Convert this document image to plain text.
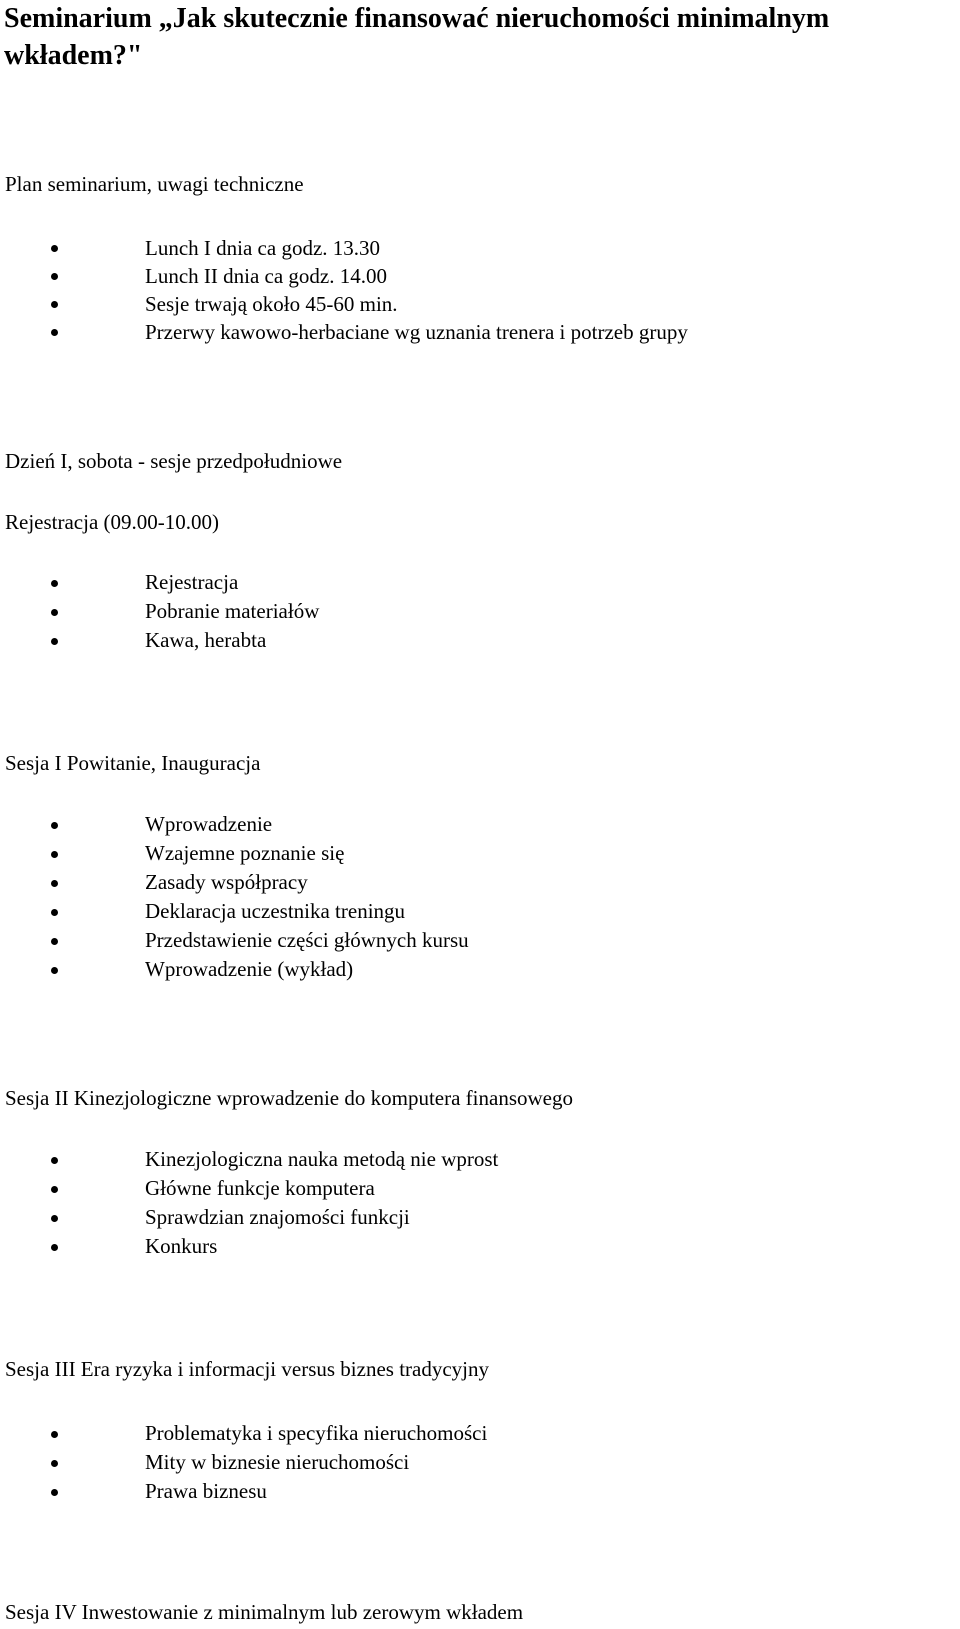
Seminarium „Jak skutecznie finansować nieruchomości minimalnym wkładem?"

Plan seminarium, uwagi techniczne

Lunch I dnia ca godz. 13.30
Lunch II dnia ca godz. 14.00
Sesje trwają około 45-60 min.
Przerwy kawowo-herbaciane wg uznania trenera i potrzeb grupy

Dzień I, sobota - sesje przedpołudniowe

Rejestracja (09.00-10.00)

Rejestracja
Pobranie materiałów
Kawa, herabta

Sesja I Powitanie, Inauguracja

Wprowadzenie
Wzajemne poznanie się
Zasady współpracy
Deklaracja uczestnika treningu
Przedstawienie części głównych kursu
Wprowadzenie (wykład)

Sesja II Kinezjologiczne wprowadzenie do komputera finansowego

Kinezjologiczna nauka metodą nie wprost
Główne funkcje komputera
Sprawdzian znajomości funkcji
Konkurs

Sesja III Era ryzyka i informacji versus biznes tradycyjny

Problematyka i specyfika nieruchomości
Mity w biznesie nieruchomości
Prawa biznesu

Sesja IV Inwestowanie z minimalnym lub zerowym wkładem
